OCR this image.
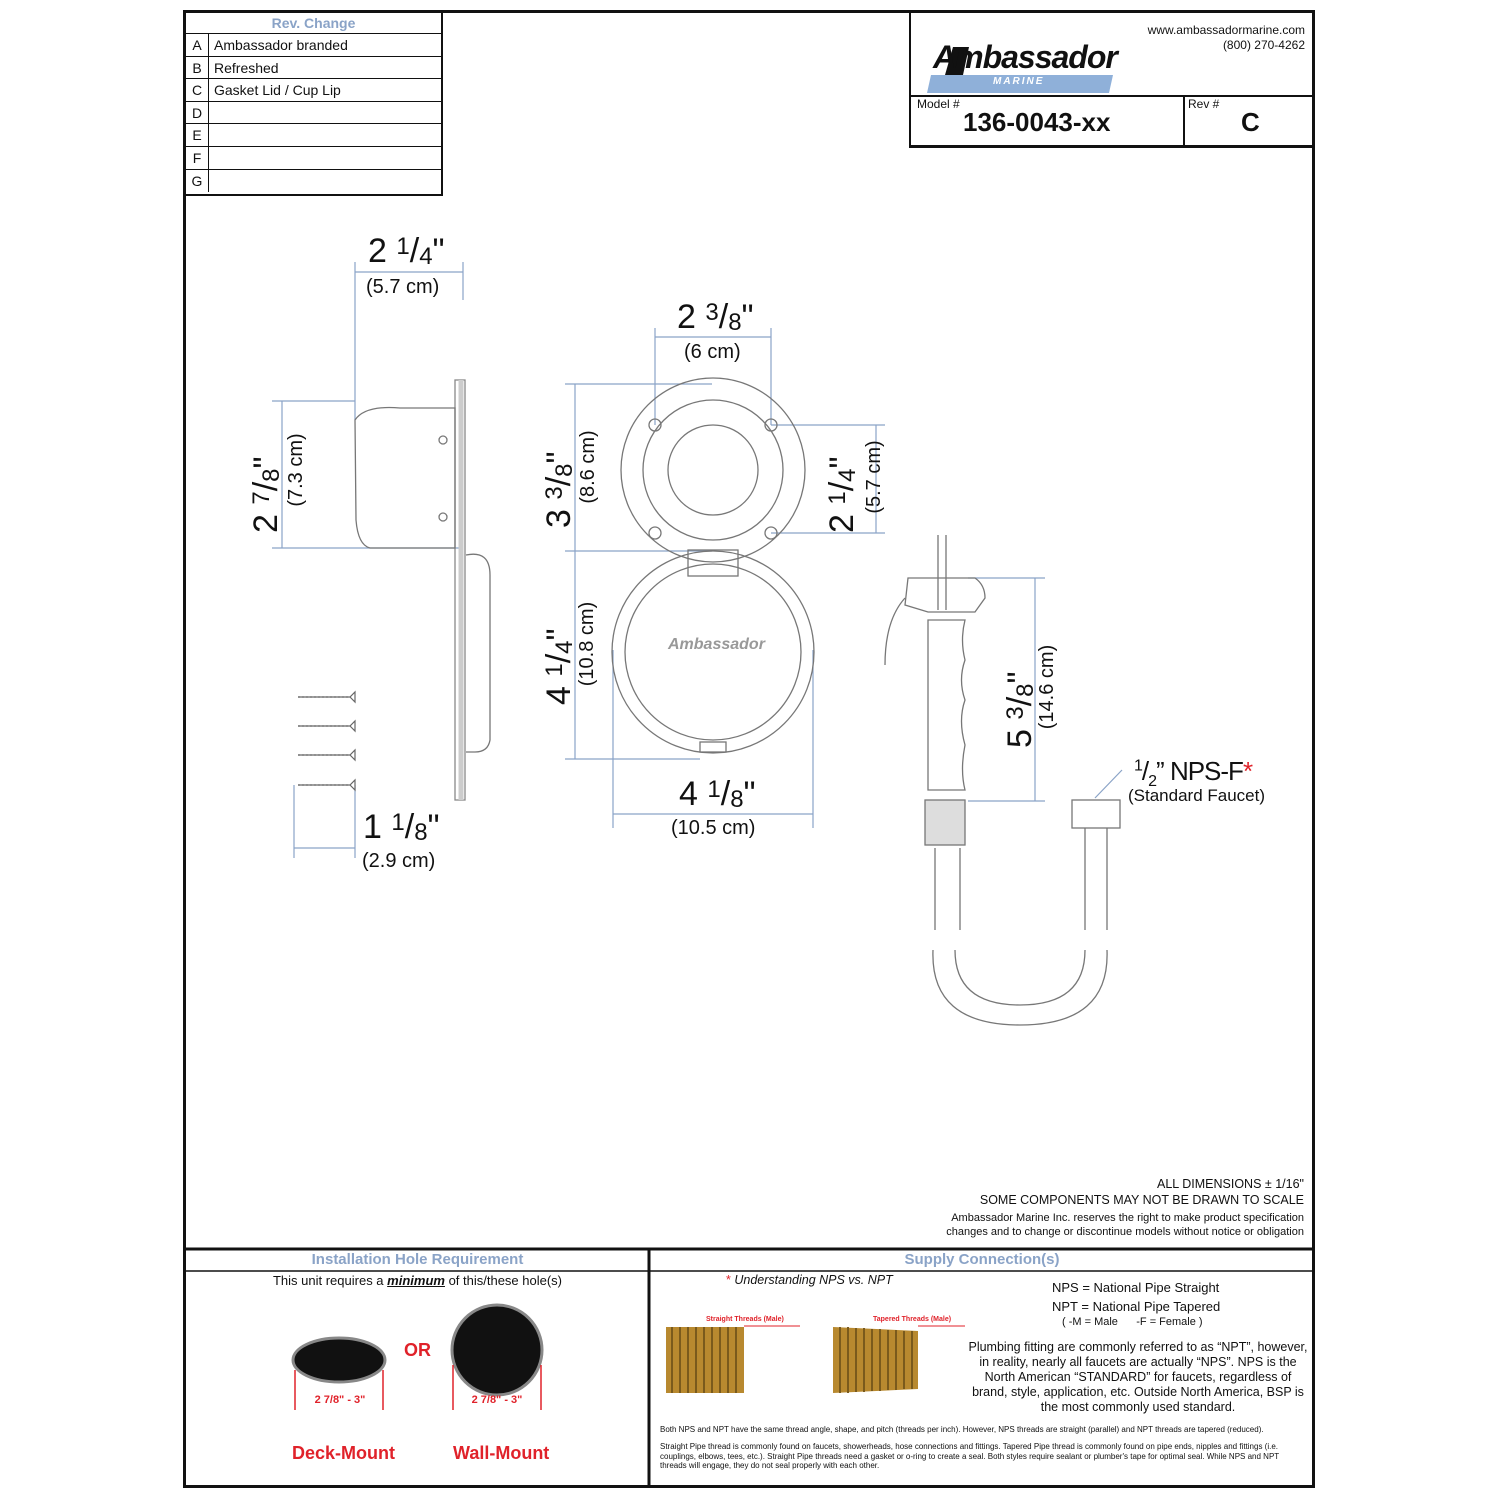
Rev. Change
A Ambassador branded
B Refreshed
C Gasket Lid / Cup Lip
D
E
F
G
Ambassador
MARINE
www.ambassadormarine.com
(800) 270-4262
Model #
136-0043-xx
Rev #
C
2 $^1/_4$"
(5.7 cm)
2 $^7/_8$" (7.3 cm)
1 $^1/_8$"
(2.9 cm)
2 $^3/_8$"
(6 cm)
3 $^3/_8$" (8.6 cm)
2 $^1/_4$" (5.7 cm)
4 $^1/_4$"
(10.8 cm)
4 $^1/_8$"
(10.5 cm)
Ambassador
5 $^3/_8$"
(14.6 cm)
$^1/_2$” NPS-F*
(Standard Faucet)
ALL DIMENSIONS ± 1/16"
SOME COMPONENTS MAY NOT BE DRAWN TO SCALE
Ambassador Marine Inc. reserves the right to make product specification
changes and to change or discontinue models without notice or obligation
Installation Hole Requirement
This unit requires a minimum of this/these hole(s)
OR
2 7/8" - 3"	2 7/8" - 3"
Deck-Mount	Wall-Mount
Supply Connection(s)
* Understanding NPS vs. NPT
Straight Threads (Male)	Tapered Threads (Male)
NPS = National Pipe Straight
NPT = National Pipe Tapered
( -M = Male      -F = Female )
Plumbing fitting are commonly referred to as “NPT”, however, in reality, nearly all faucets are actually “NPS”. NPS is the North American “STANDARD” for faucets, regardless of brand, style, application, etc. Outside North America, BSP is the most commonly used standard.
Both NPS and NPT have the same thread angle, shape, and pitch (threads per inch). However, NPS threads are straight (parallel) and NPT threads are tapered (reduced).
Straight Pipe thread is commonly found on faucets, showerheads, hose connections and fittings. Tapered Pipe thread is commonly found on pipe ends, nipples and fittings (i.e. couplings, elbows, tees, etc.). Straight Pipe threads need a gasket or o-ring to create a seal. Both styles require sealant or plumber's tape for optimal seal. While NPS and NPT threads will engage, they do not seal properly with each other.
